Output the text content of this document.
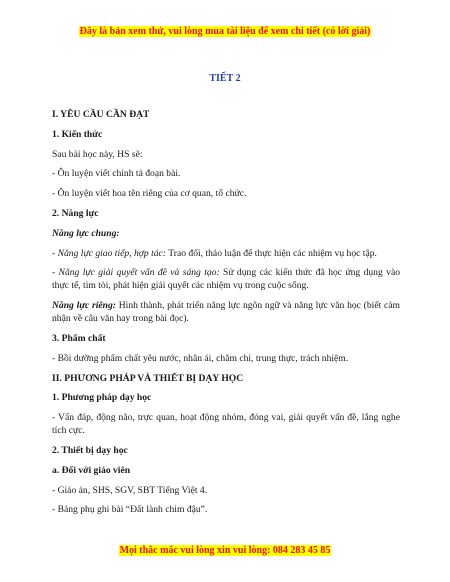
Đây là bản xem thử, vui lòng mua tài liệu để xem chi tiết (có lời giải)
TIẾT 2
I. YÊU CẦU CẦN ĐẠT
1. Kiến thức
Sau bài học này, HS sẽ:
- Ôn luyện viết chính tả đoạn bài.
- Ôn luyện viết hoa tên riêng của cơ quan, tổ chức.
2. Năng lực
Năng lực chung:
- Năng lực giao tiếp, hợp tác: Trao đổi, thảo luận để thực hiện các nhiệm vụ học tập.
- Năng lực giải quyết vấn đề và sáng tạo: Sử dụng các kiến thức đã học ứng dụng vào thực tế, tìm tòi, phát hiện giải quyết các nhiệm vụ trong cuộc sống.
Năng lực riêng: Hình thành, phát triển năng lực ngôn ngữ và năng lực văn học (biết cảm nhận về câu văn hay trong bài đọc).
3. Phẩm chất
- Bồi dưỡng phẩm chất yêu nước, nhân ái, chăm chỉ, trung thực, trách nhiệm.
II. PHƯƠNG PHÁP VÀ THIẾT BỊ DẠY HỌC
1. Phương pháp dạy học
- Vấn đáp, động não, trực quan, hoạt động nhóm, đóng vai, giải quyết vấn đề, lắng nghe tích cực.
2. Thiết bị dạy học
a. Đối với giáo viên
- Giáo án, SHS, SGV, SBT Tiếng Việt 4.
- Bảng phụ ghi bài “Đất lành chim đậu”.
Mọi thắc mắc vui lòng xin vui lòng: 084 283 45 85
